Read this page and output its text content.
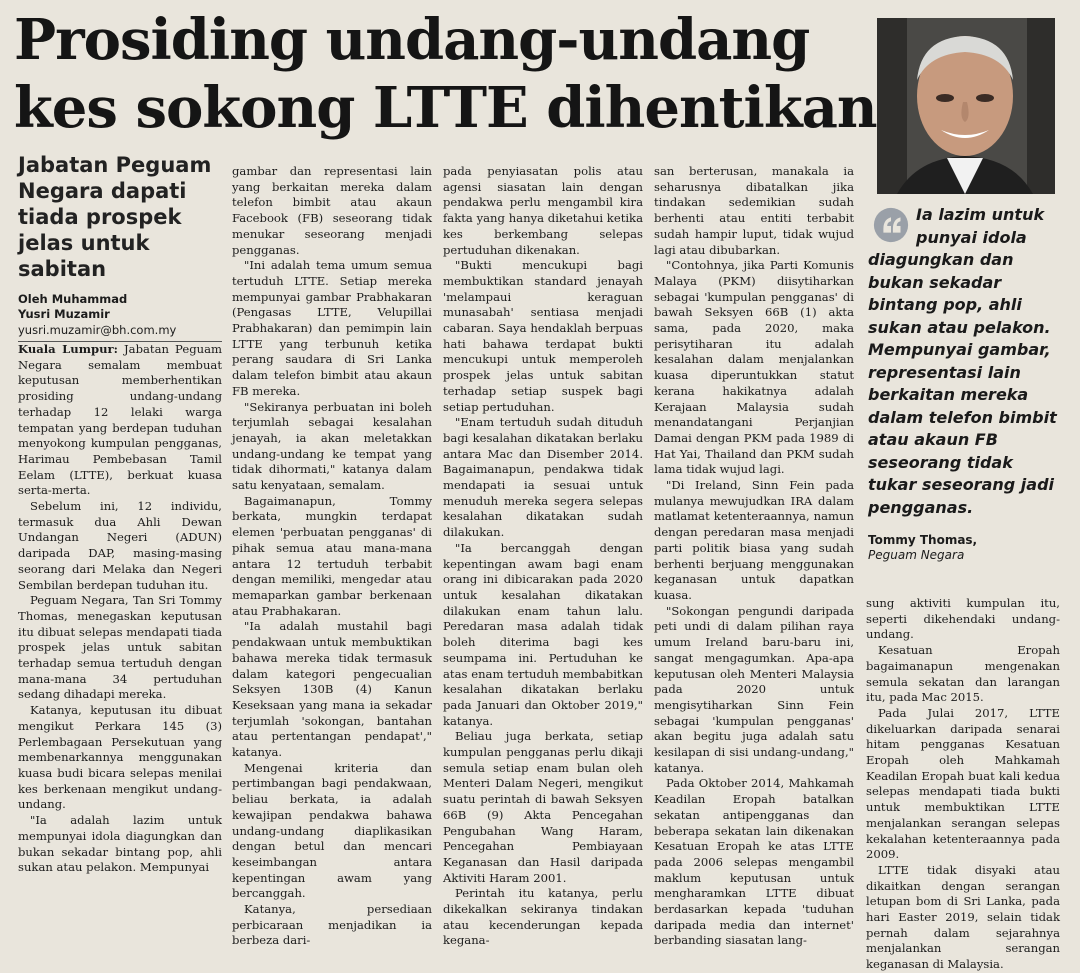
Prosiding undang-undang
kes sokong LTTE dihentikan
Jabatan Peguam Negara dapati tiada prospek jelas untuk sabitan

Oleh Muhammad

Yusri Muzamir

yusri.muzamir@bh.com.my

Kuala Lumpur: Jabatan Peguam Negara semalam membuat keputusan memberhentikan prosiding undang-undang terhadap 12 lelaki warga tempatan yang berdepan tuduhan menyokong kumpulan pengganas, Harimau Pembebasan Tamil Eelam (LTTE), berkuat kuasa serta-merta.

Sebelum ini, 12 individu, termasuk dua Ahli Dewan Undangan Negeri (ADUN) daripada DAP, masing-masing seorang dari Melaka dan Negeri Sembilan berdepan tuduhan itu.

Peguam Negara, Tan Sri Tommy Thomas, menegaskan keputusan itu dibuat selepas mendapati tiada prospek jelas untuk sabitan terhadap semua tertuduh dengan mana-mana 34 pertuduhan sedang dihadapi mereka.

Katanya, keputusan itu dibuat mengikut Perkara 145 (3) Perlembagaan Persekutuan yang membenarkannya menggunakan kuasa budi bicara selepas menilai kes berkenaan mengikut undang-undang.

"Ia adalah lazim untuk mempunyai idola diagungkan dan bukan sekadar bintang pop, ahli sukan atau pelakon. Mempunyai

gambar dan representasi lain yang berkaitan mereka dalam telefon bimbit atau akaun Facebook (FB) seseorang tidak menukar seseorang menjadi pengganas.

"Ini adalah tema umum semua tertuduh LTTE. Setiap mereka mempunyai gambar Prabhakaran (Pengasas LTTE, Velupillai Prabhakaran) dan pemimpin lain LTTE yang terbunuh ketika perang saudara di Sri Lanka dalam telefon bimbit atau akaun FB mereka.

"Sekiranya perbuatan ini boleh terjumlah sebagai kesalahan jenayah, ia akan meletakkan undang-undang ke tempat yang tidak dihormati," katanya dalam satu kenyataan, semalam.

Bagaimanapun, Tommy berkata, mungkin terdapat elemen 'perbuatan pengganas' di pihak semua atau mana-mana antara 12 tertuduh terbabit dengan memiliki, mengedar atau memaparkan gambar berkenaan atau Prabhakaran.

"Ia adalah mustahil bagi pendakwaan untuk membuktikan bahawa mereka tidak termasuk dalam kategori pengecualian Seksyen 130B (4) Kanun Keseksaan yang mana ia sekadar terjumlah 'sokongan, bantahan atau pertentangan pendapat'," katanya.

Mengenai kriteria dan pertimbangan bagi pendakwaan, beliau berkata, ia adalah kewajipan pendakwa bahawa undang-undang diaplikasikan dengan betul dan mencari keseimbangan antara kepentingan awam yang bercanggah.

Katanya, persediaan perbicaraan menjadikan ia berbeza dari-

pada penyiasatan polis atau agensi siasatan lain dengan pendakwa perlu mengambil kira fakta yang hanya diketahui ketika kes berkembang selepas pertuduhan dikenakan.

"Bukti mencukupi bagi membuktikan standard jenayah 'melampaui keraguan munasabah' sentiasa menjadi cabaran. Saya hendaklah berpuas hati bahawa terdapat bukti mencukupi untuk memperoleh prospek jelas untuk sabitan terhadap setiap suspek bagi setiap pertuduhan.

"Enam tertuduh sudah dituduh bagi kesalahan dikatakan berlaku antara Mac dan Disember 2014. Bagaimanapun, pendakwa tidak mendapati ia sesuai untuk menuduh mereka segera selepas kesalahan dikatakan sudah dilakukan.

"Ia bercanggah dengan kepentingan awam bagi enam orang ini dibicarakan pada 2020 untuk kesalahan dikatakan dilakukan enam tahun lalu. Peredaran masa adalah tidak boleh diterima bagi kes seumpama ini. Pertuduhan ke atas enam tertuduh membabitkan kesalahan dikatakan berlaku pada Januari dan Oktober 2019," katanya.

Beliau juga berkata, setiap kumpulan pengganas perlu dikaji semula setiap enam bulan oleh Menteri Dalam Negeri, mengikut suatu perintah di bawah Seksyen 66B (9) Akta Pencegahan Pengubahan Wang Haram, Pencegahan Pembiayaan Keganasan dan Hasil daripada Aktiviti Haram 2001.

Perintah itu katanya, perlu dikekalkan sekiranya tindakan atau kecenderungan kepada kegana-

san berterusan, manakala ia seharusnya dibatalkan jika tindakan sedemikian sudah berhenti atau entiti terbabit sudah hampir luput, tidak wujud lagi atau dibubarkan.

"Contohnya, jika Parti Komunis Malaya (PKM) diisytiharkan sebagai 'kumpulan pengganas' di bawah Seksyen 66B (1) akta sama, pada 2020, maka perisytiharan itu adalah kesalahan dalam menjalankan kuasa diperuntukkan statut kerana hakikatnya adalah Kerajaan Malaysia sudah menandatangani Perjanjian Damai dengan PKM pada 1989 di Hat Yai, Thailand dan PKM sudah lama tidak wujud lagi.

"Di Ireland, Sinn Fein pada mulanya mewujudkan IRA dalam matlamat ketenteraannya, namun dengan peredaran masa menjadi parti politik biasa yang sudah berhenti berjuang menggunakan keganasan untuk dapatkan kuasa.

"Sokongan pengundi daripada peti undi di dalam pilihan raya umum Ireland baru-baru ini, sangat mengagumkan. Apa-apa keputusan oleh Menteri Malaysia pada 2020 untuk mengisytiharkan Sinn Fein sebagai 'kumpulan pengganas' akan begitu juga adalah satu kesilapan di sisi undang-undang," katanya.

Pada Oktober 2014, Mahkamah Keadilan Eropah batalkan sekatan antipengganas dan beberapa sekatan lain dikenakan Kesatuan Eropah ke atas LTTE pada 2006 selepas mengambil maklum keputusan untuk mengharamkan LTTE dibuat berdasarkan kepada 'tuduhan daripada media dan internet' berbanding siasatan lang-

Ia lazim untuk punyai idola

diagungkan dan bukan sekadar bintang pop, ahli sukan atau pelakon. Mempunyai gambar, representasi lain berkaitan mereka dalam telefon bimbit atau akaun FB seseorang tidak tukar seseorang jadi pengganas.

Tommy Thomas,
Peguam Negara

sung aktiviti kumpulan itu, seperti dikehendaki undang-undang.

Kesatuan Eropah bagaimanapun mengenakan semula sekatan dan larangan itu, pada Mac 2015.

Pada Julai 2017, LTTE dikeluarkan daripada senarai hitam pengganas Kesatuan Eropah oleh Mahkamah Keadilan Eropah buat kali kedua selepas mendapati tiada bukti untuk membuktikan LTTE menjalankan serangan selepas kekalahan ketenteraannya pada 2009.

LTTE tidak disyaki atau dikaitkan dengan serangan letupan bom di Sri Lanka, pada hari Easter 2019, selain tidak pernah dalam sejarahnya menjalankan serangan keganasan di Malaysia.
